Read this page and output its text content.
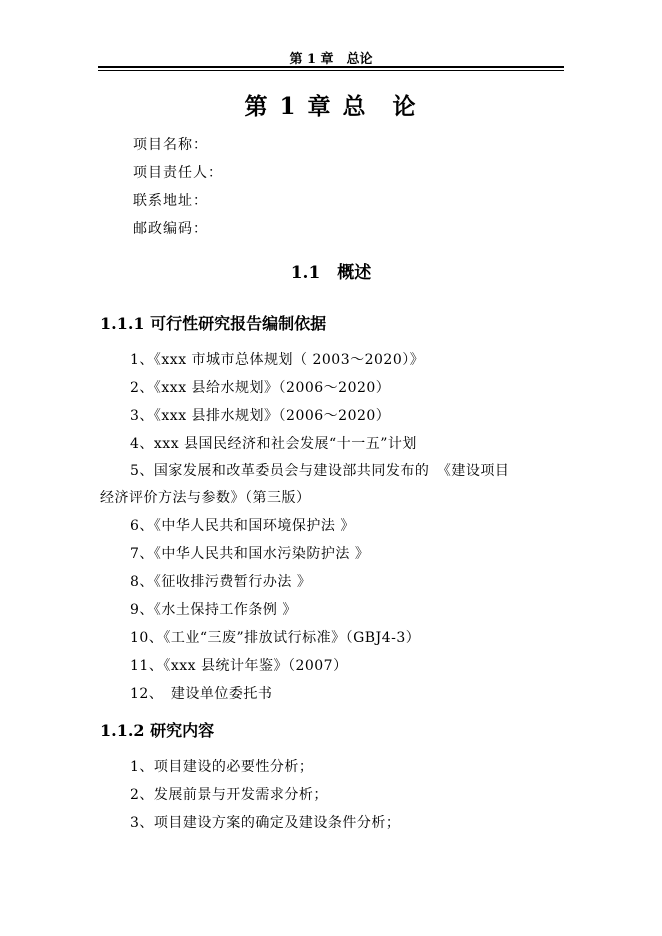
第 1 章　总论
第 1 章 总　论
项目名称：
项目责任人：
联系地址：
邮政编码：
1.1　概述
1.1.1 可行性研究报告编制依据
1、《xxx 市城市总体规划（ 2003～2020）》
2、《xxx 县给水规划》（2006～2020）
3、《xxx 县排水规划》（2006～2020）
4、xxx 县国民经济和社会发展“十一五”计划
5、国家发展和改革委员会与建设部共同发布的　《建设项目
经济评价方法与参数》（第三版）
6、《中华人民共和国环境保护法 》
7、《中华人民共和国水污染防护法 》
8、《征收排污费暂行办法 》
9、《水土保持工作条例 》
10、《工业“三废”排放试行标准》（GBJ4-3）
11、《xxx 县统计年鉴》（2007）
12、　建设单位委托书
1.1.2 研究内容
1、项目建设的必要性分析；
2、发展前景与开发需求分析；
3、项目建设方案的确定及建设条件分析；
